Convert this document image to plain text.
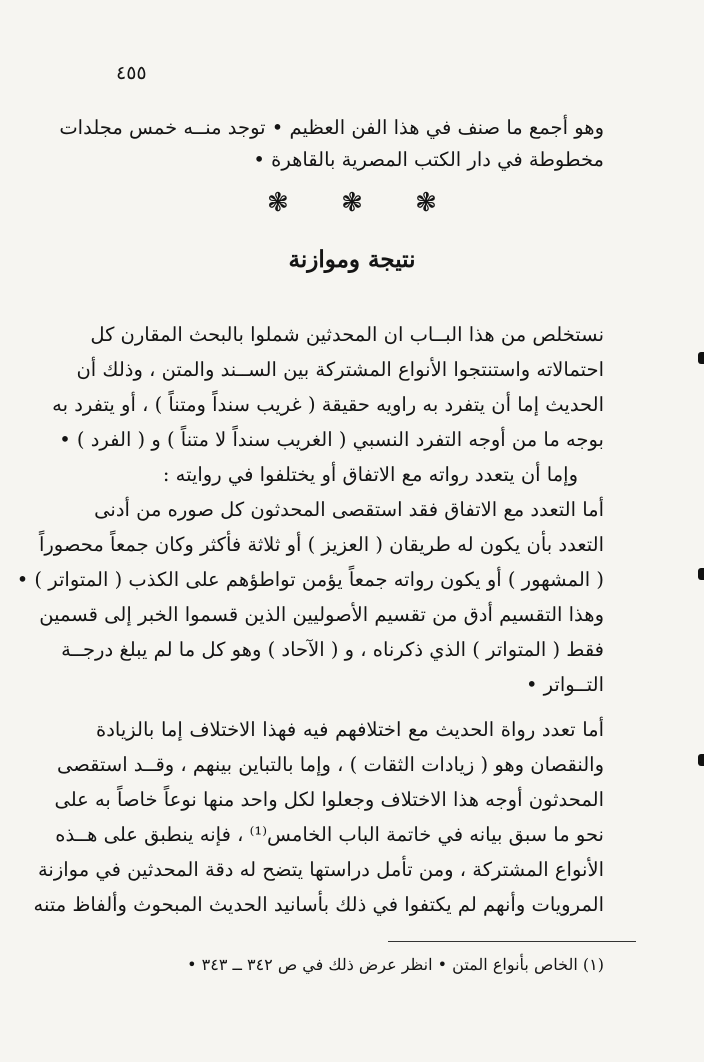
٤٥٥
وهو أجمع ما صنف في هذا الفن العظيم • توجد منــه خمس مجلدات
مخطوطة في دار الكتب المصرية بالقاهرة •
❃ ❃ ❃
نتيجة وموازنة
نستخلص من هذا البــاب ان المحدثين شملوا بالبحث المقارن كل
احتمالاته واستنتجوا الأنواع المشتركة بين الســند والمتن ، وذلك أن
الحديث إما أن يتفرد به راويه حقيقة ( غريب سنداً ومتناً ) ، أو يتفرد به
بوجه ما من أوجه التفرد النسبي ( الغريب سنداً لا متناً ) و ( الفرد ) •
وإما أن يتعدد رواته مع الاتفاق أو يختلفوا في روايته :
أما التعدد مع الاتفاق فقد استقصى المحدثون كل صوره من أدنى
التعدد بأن يكون له طريقان ( العزيز ) أو ثلاثة فأكثر وكان جمعاً محصوراً
( المشهور ) أو يكون رواته جمعاً يؤمن تواطؤهم على الكذب ( المتواتر ) •
وهذا التقسيم أدق من تقسيم الأصوليين الذين قسموا الخبر إلى قسمين
فقط ( المتواتر ) الذي ذكرناه ، و ( الآحاد ) وهو كل ما لم يبلغ درجــة
التــواتر •
أما تعدد رواة الحديث مع اختلافهم فيه فهذا الاختلاف إما بالزيادة
والنقصان وهو ( زيادات الثقات ) ، وإما بالتباين بينهم ، وقــد استقصى
المحدثون أوجه هذا الاختلاف وجعلوا لكل واحد منها نوعاً خاصاً به على
نحو ما سبق بيانه في خاتمة الباب الخامس⁽¹⁾ ، فإنه ينطبق على هــذه
الأنواع المشتركة ، ومن تأمل دراستها يتضح له دقة المحدثين في موازنة
المرويات وأنهم لم يكتفوا في ذلك بأسانيد الحديث المبحوث وألفاظ متنه
(١) الخاص بأنواع المتن • انظر عرض ذلك في ص ٣٤٢ ــ ٣٤٣ •
